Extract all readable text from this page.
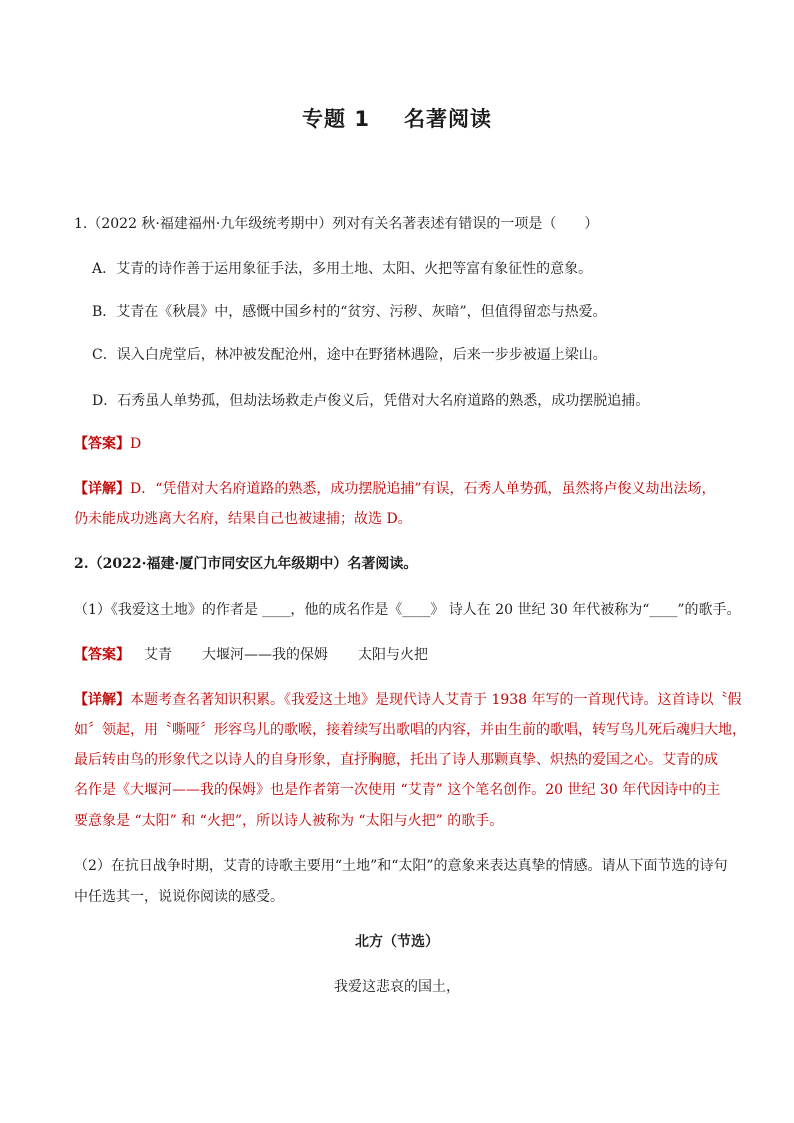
专题 1 名著阅读
1.（2022 秋·福建福州·九年级统考期中）列对有关名著表述有错误的一项是（　　）
A．艾青的诗作善于运用象征手法，多用土地、太阳、火把等富有象征性的意象。
B．艾青在《秋晨》中，感慨中国乡村的“贫穷、污秽、灰暗”，但值得留恋与热爱。
C．误入白虎堂后，林冲被发配沧州，途中在野猪林遇险，后来一步步被逼上梁山。
D．石秀虽人单势孤，但劫法场救走卢俊义后，凭借对大名府道路的熟悉，成功摆脱追捕。
【答案】D
【详解】D．“凭借对大名府道路的熟悉，成功摆脱追捕”有误，石秀人单势孤，虽然将卢俊义劫出法场，
仍未能成功逃离大名府，结果自己也被逮捕；故选 D。
2.（2022·福建·厦门市同安区九年级期中）名著阅读。
（1）《我爱这土地》的作者是 ____，他的成名作是《____》 诗人在 20 世纪 30 年代被称为“____”的歌手。
【答案】 艾青 大堰河——我的保姆 太阳与火把
【详解】本题考查名著知识积累。《我爱这土地》是现代诗人艾青于 1938 年写的一首现代诗。这首诗以〝假
如〞领起，用〝嘶哑〞形容鸟儿的歌喉，接着续写出歌唱的内容，并由生前的歌唱，转写鸟儿死后魂归大地，
最后转由鸟的形象代之以诗人的自身形象，直抒胸臆，托出了诗人那颗真挚、炽热的爱国之心。艾青的成
名作是《大堰河——我的保姆》也是作者第一次使用 “艾青” 这个笔名创作。20 世纪 30 年代因诗中的主
要意象是 “太阳” 和 “火把”，所以诗人被称为 “太阳与火把” 的歌手。
（2）在抗日战争时期，艾青的诗歌主要用“土地”和“太阳”的意象来表达真挚的情感。请从下面节选的诗句
中任选其一，说说你阅读的感受。
北方（节选）
我爱这悲哀的国土，
